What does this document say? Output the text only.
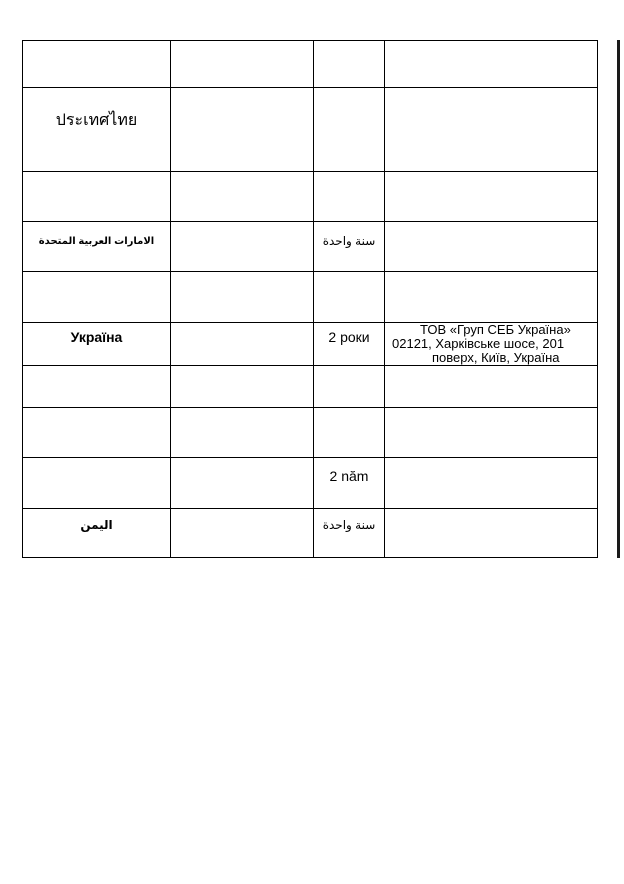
ประเทศไทย			

الامارات العربية المتحدة		سنة واحدة	

Україна		2 роки	ТОВ «Груп СЕБ Україна»
02121, Харківське шосе, 201
поверх, Київ, Україна

		2 năm	

اليمن		سنة واحدة	
